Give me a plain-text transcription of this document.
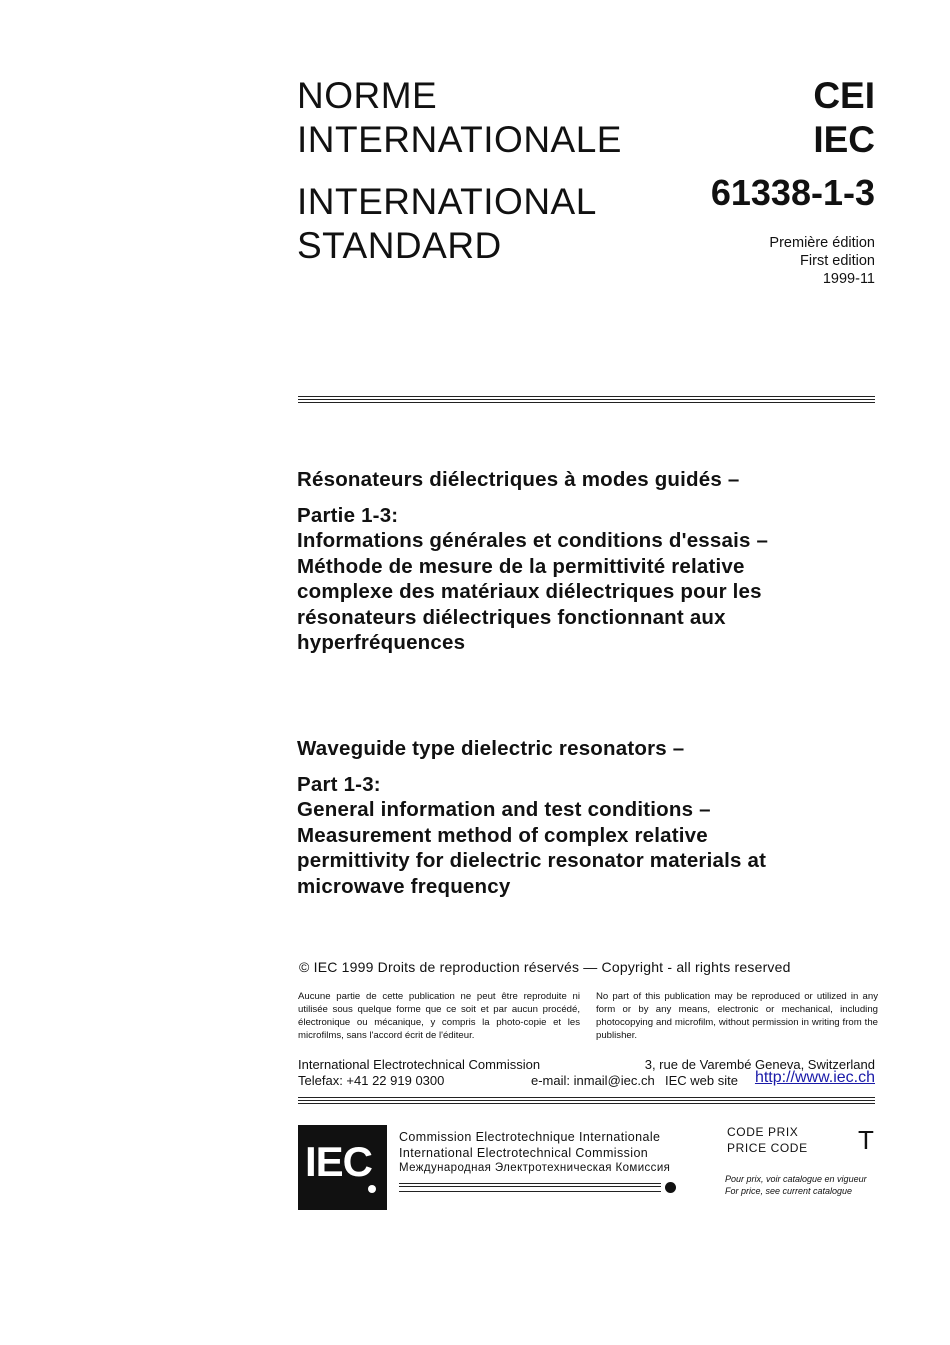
NORME
INTERNATIONALE
INTERNATIONAL
STANDARD
CEI
IEC
61338-1-3
Première édition
First edition
1999-11
Résonateurs diélectriques à modes guidés –
Partie 1-3:
Informations générales et conditions d'essais –
Méthode de mesure de la permittivité relative
complexe des matériaux diélectriques pour les
résonateurs diélectriques fonctionnant aux
hyperfréquences
Waveguide type dielectric resonators –
Part 1-3:
General information and test conditions –
Measurement method of complex relative
permittivity for dielectric resonator materials at
microwave frequency
© IEC 1999 Droits de reproduction réservés — Copyright - all rights reserved
Aucune partie de cette publication ne peut être reproduite ni utilisée sous quelque forme que ce soit et par aucun procédé, électronique ou mécanique, y compris la photo-copie et les microfilms, sans l'accord écrit de l'éditeur.
No part of this publication may be reproduced or utilized in any form or by any means, electronic or mechanical, including photocopying and microfilm, without permission in writing from the publisher.
International Electrotechnical Commission	3, rue de Varembé Geneva, Switzerland
Telefax: +41 22 919 0300	e-mail: inmail@iec.ch IEC web site http://www.iec.ch
IEC
Commission Electrotechnique Internationale
International Electrotechnical Commission
Международная Электротехническая Комиссия
CODE PRIX
PRICE CODE T
Pour prix, voir catalogue en vigueur
For price, see current catalogue
